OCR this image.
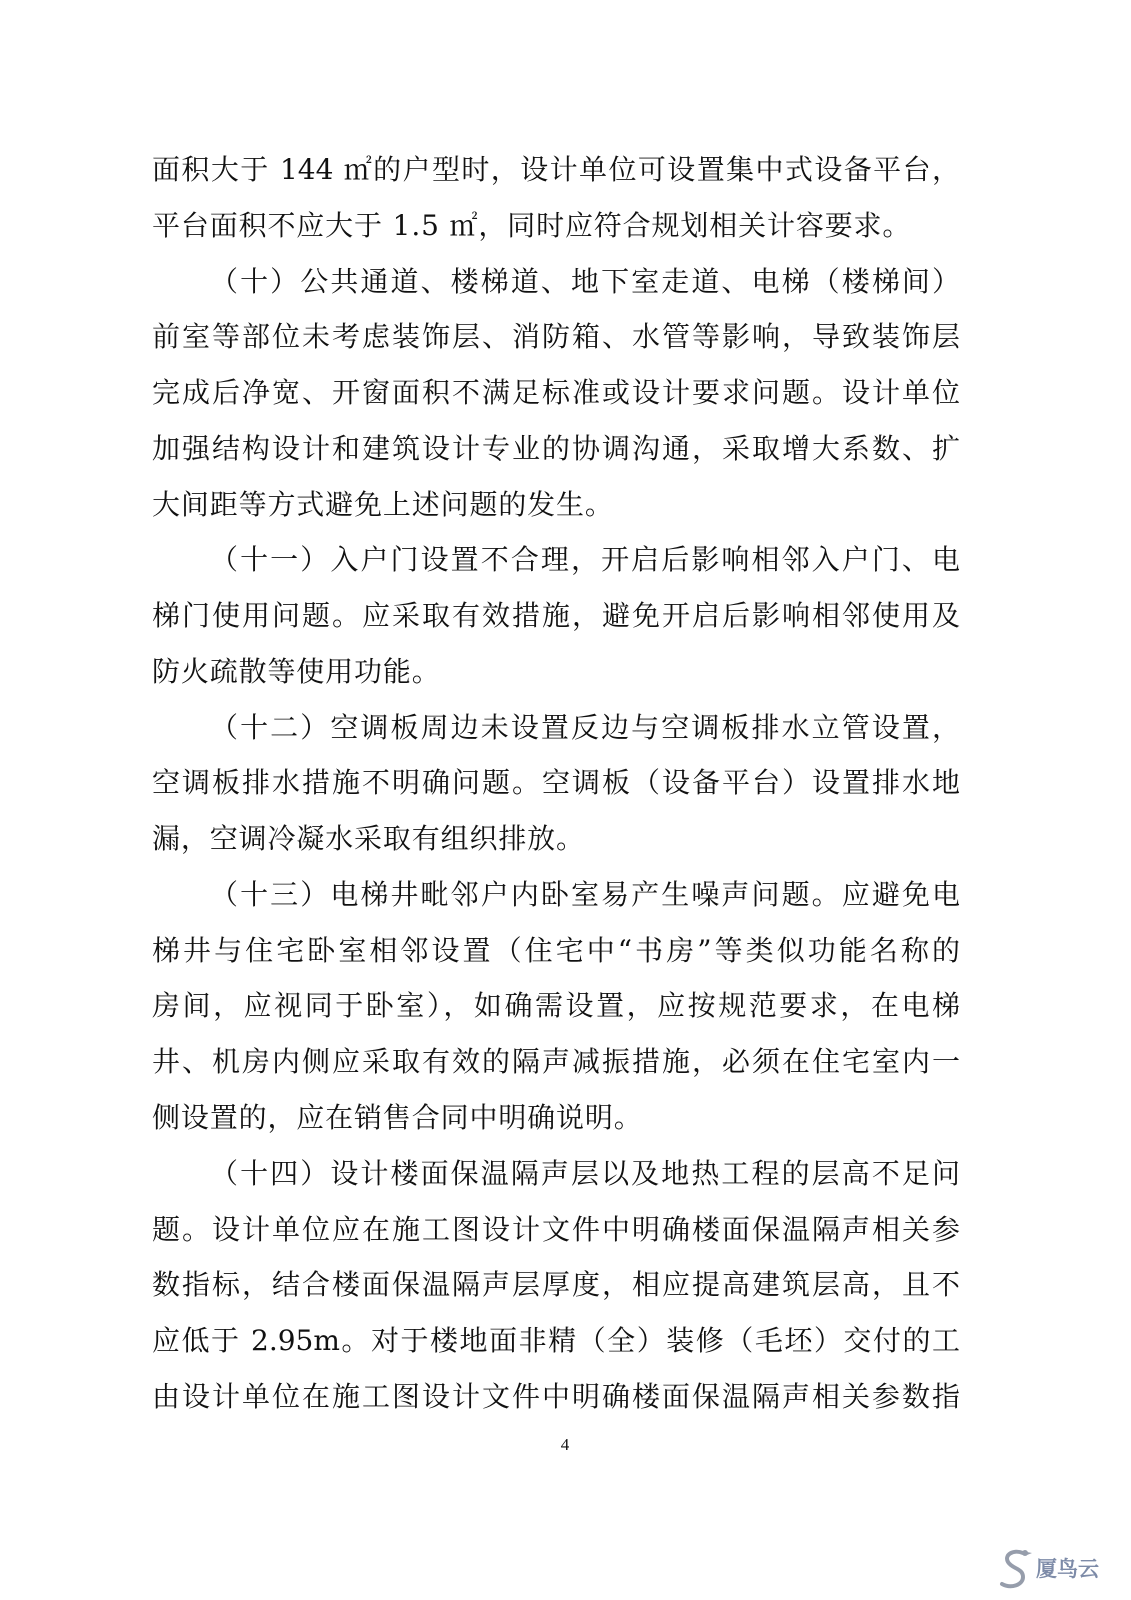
面积大于 144 ㎡的户型时，设计单位可设置集中式设备平台，
平台面积不应大于 1.5 ㎡，同时应符合规划相关计容要求。
（十）公共通道、楼梯道、地下室走道、电梯（楼梯间）
前室等部位未考虑装饰层、消防箱、水管等影响，导致装饰层
完成后净宽、开窗面积不满足标准或设计要求问题。设计单位
加强结构设计和建筑设计专业的协调沟通，采取增大系数、扩
大间距等方式避免上述问题的发生。
（十一）入户门设置不合理，开启后影响相邻入户门、电
梯门使用问题。应采取有效措施，避免开启后影响相邻使用及
防火疏散等使用功能。
（十二）空调板周边未设置反边与空调板排水立管设置，
空调板排水措施不明确问题。空调板（设备平台）设置排水地
漏，空调冷凝水采取有组织排放。
（十三）电梯井毗邻户内卧室易产生噪声问题。应避免电
梯井与住宅卧室相邻设置（住宅中“书房”等类似功能名称的
房间，应视同于卧室），如确需设置，应按规范要求，在电梯
井、机房内侧应采取有效的隔声减振措施，必须在住宅室内一
侧设置的，应在销售合同中明确说明。
（十四）设计楼面保温隔声层以及地热工程的层高不足问
题。设计单位应在施工图设计文件中明确楼面保温隔声相关参
数指标，结合楼面保温隔声层厚度，相应提高建筑层高，且不
应低于 2.95m。对于楼地面非精（全）装修（毛坯）交付的工
由设计单位在施工图设计文件中明确楼面保温隔声相关参数指
4
厦鸟云
